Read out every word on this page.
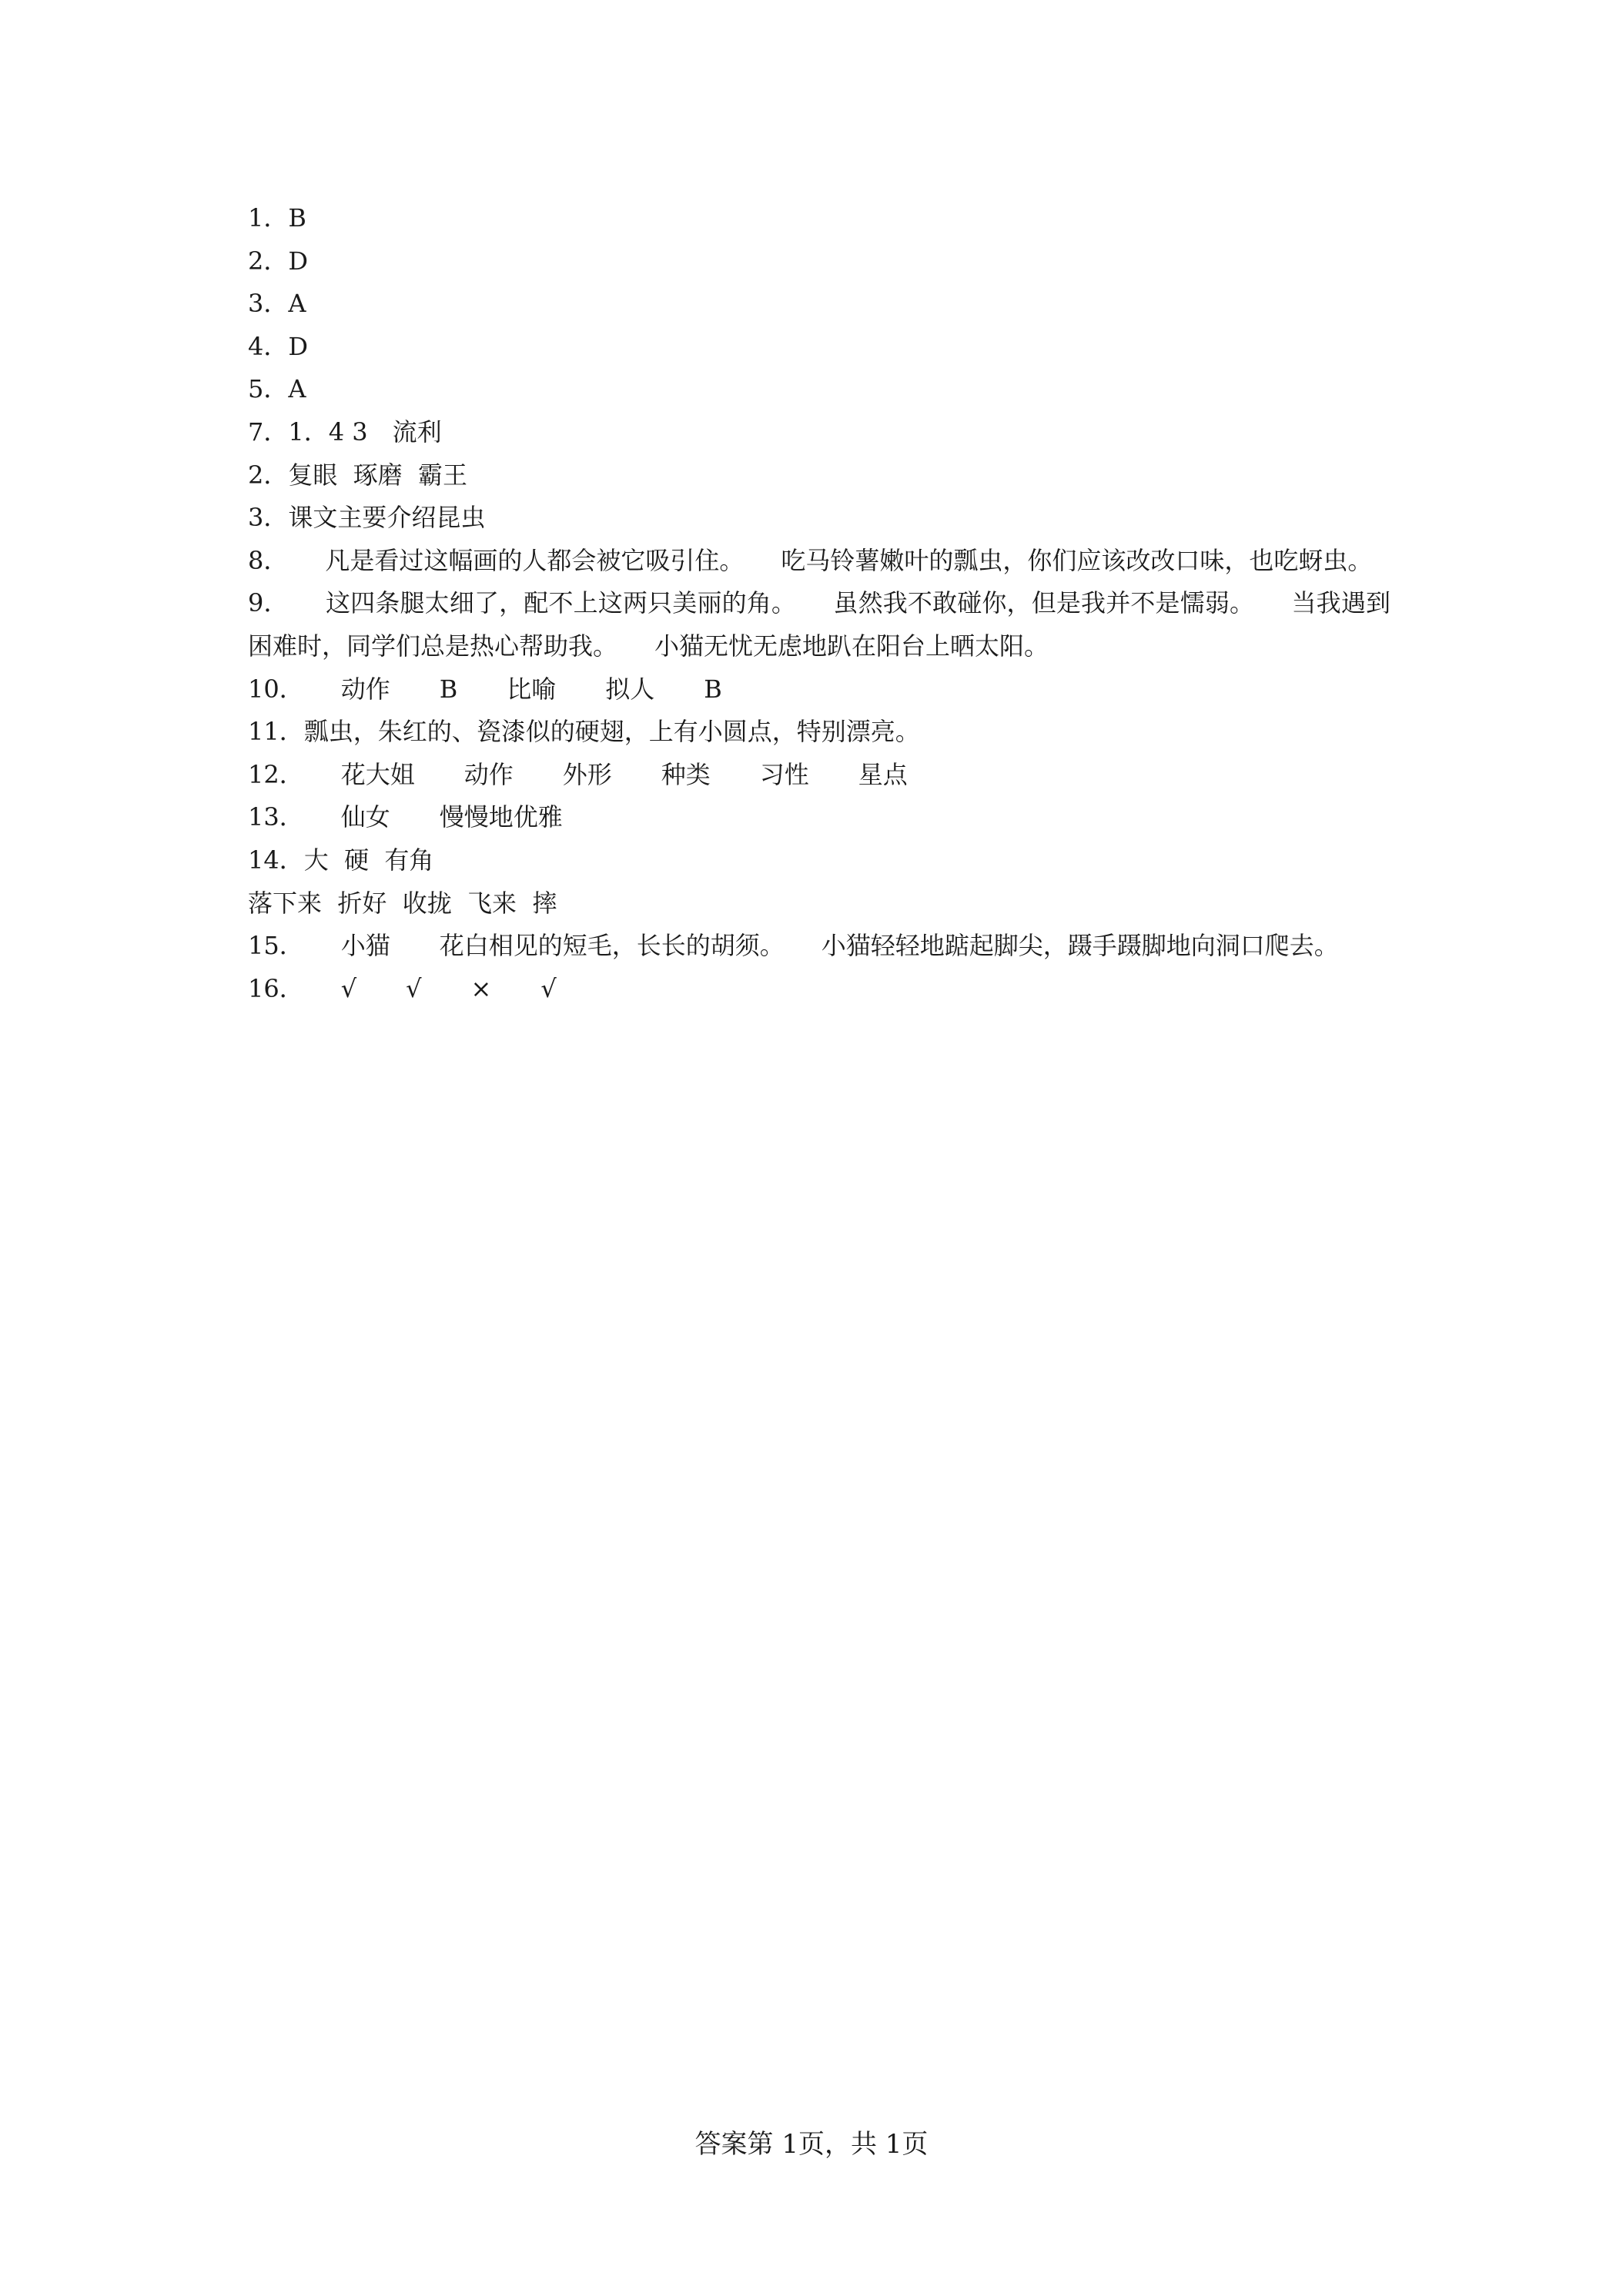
1．B
2．D
3．A
4．D
5．A
7．1．4 3　流利
2．复眼  琢磨  霸王
3．课文主要介绍昆虫
8．　　凡是看过这幅画的人都会被它吸引住。　　吃马铃薯嫩叶的瓢虫，你们应该改改口味，也吃蚜虫。
9．　　这四条腿太细了，配不上这两只美丽的角。　　虽然我不敢碰你，但是我并不是懦弱。　　当我遇到困难时，同学们总是热心帮助我。　　小猫无忧无虑地趴在阳台上晒太阳。
10．　　动作　　B　　比喻　　拟人　　B
11．瓢虫，朱红的、瓷漆似的硬翅，上有小圆点，特别漂亮。
12．　　花大姐　　动作　　外形　　种类　　习性　　星点
13．　　仙女　　慢慢地优雅
14．大  硬  有角
落下来  折好  收拢  飞来  摔
15．　　小猫　　花白相见的短毛，长长的胡须。　　小猫轻轻地踮起脚尖，蹑手蹑脚地向洞口爬去。
16．　　√　　√　　×　　√
答案第 1页，共 1页
